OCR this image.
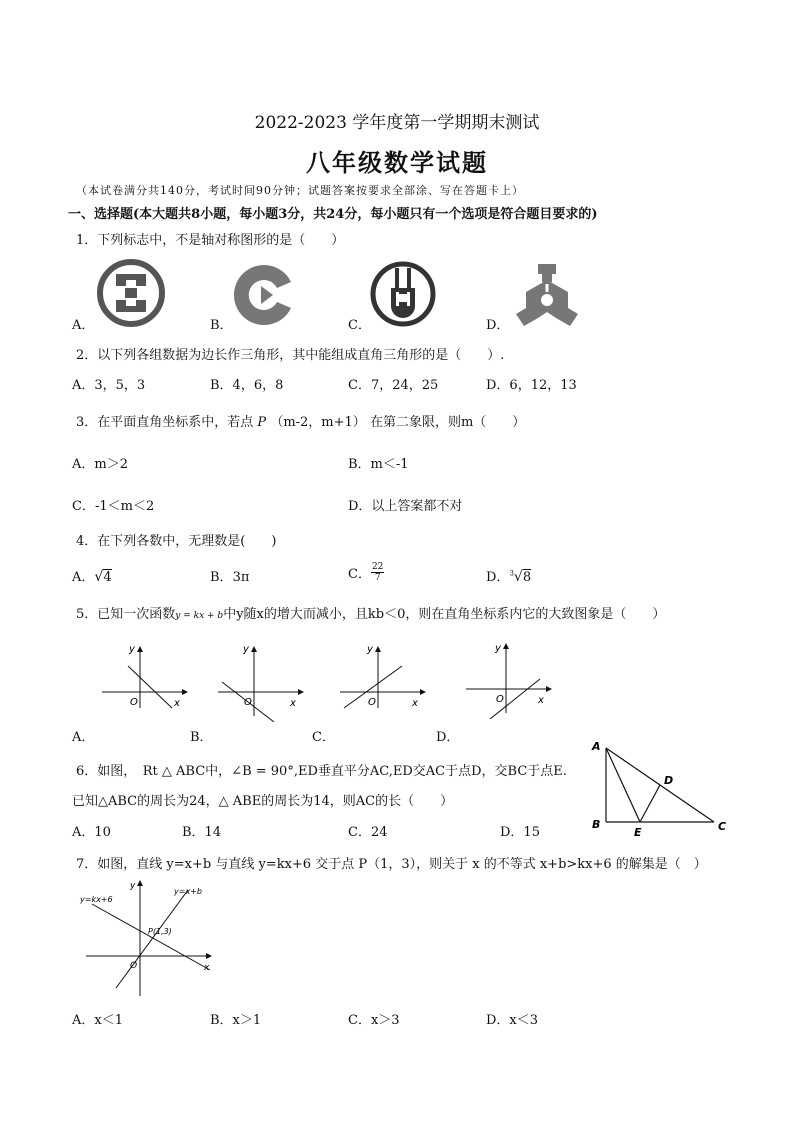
2022-2023 学年度第一学期期末测试
八年级数学试题
（本试卷满分共140分，考试时间90分钟；试题答案按要求全部涂、写在答题卡上）
一、选择题(本大题共8小题，每小题3分，共24分，每小题只有一个选项是符合题目要求的)
1．下列标志中，不是轴对称图形的是（　　）
A．	B．	C．	D．
2．以下列各组数据为边长作三角形，其中能组成直角三角形的是（　　）.
A．3，5，3	B．4，6，8	C．7，24，25	D．6，12，13
3．在平面直角坐标系中，若点 P （m-2，m+1） 在第二象限，则m（　　）
A．m＞2	B．m＜-1
C．-1＜m＜2	D．以上答案都不对
4．在下列各数中，无理数是(　　)
A．√4	B．3π	C． $\frac{22}{7}$	D．$^3$√8
5．已知一次函数y = kx + b中y随x的增大而减小，且kb＜0，则在直角坐标系内它的大致图象是（　　）
y
x
O
y
x
O
y
x
O
y
x
O
A．	B．	C．	D．
6．如图，　Rt △ ABC中，∠B = 90°,ED垂直平分AC,ED交AC于点D，交BC于点E.
已知△ABC的周长为24，△ ABE的周长为14，则AC的长（　　）
A．10	B．14	C．24	D．15
A
B	C
D
E
7．如图，直线 y=x+b 与直线 y=kx+6 交于点 P（1，3），则关于 x 的不等式 x+b>kx+6 的解集是（　）
y=kx+6
y=x+b
P(1,3)
O	x
y
A．x＜1	B．x＞1	C．x＞3	D．x＜3
